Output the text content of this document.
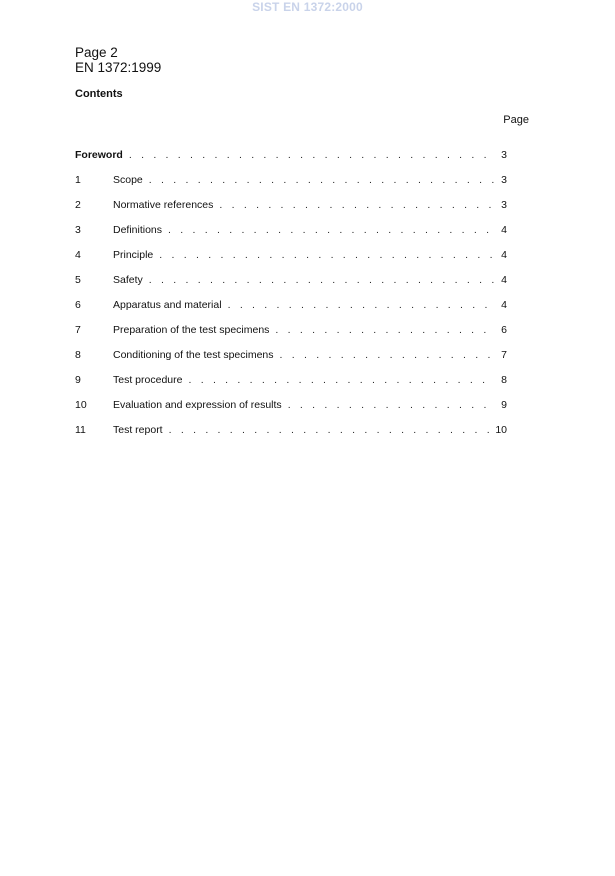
SIST EN 1372:2000
Page 2
EN 1372:1999
Contents
Page
Foreword . . .	3
1	Scope . . .	3
2	Normative references . . .	3
3	Definitions . . .	4
4	Principle . . .	4
5	Safety . . .	4
6	Apparatus and material . . .	4
7	Preparation of the test specimens . . .	6
8	Conditioning of the test specimens . . .	7
9	Test procedure . . .	8
10	Evaluation and expression of results . . .	9
11	Test report . . .	10
